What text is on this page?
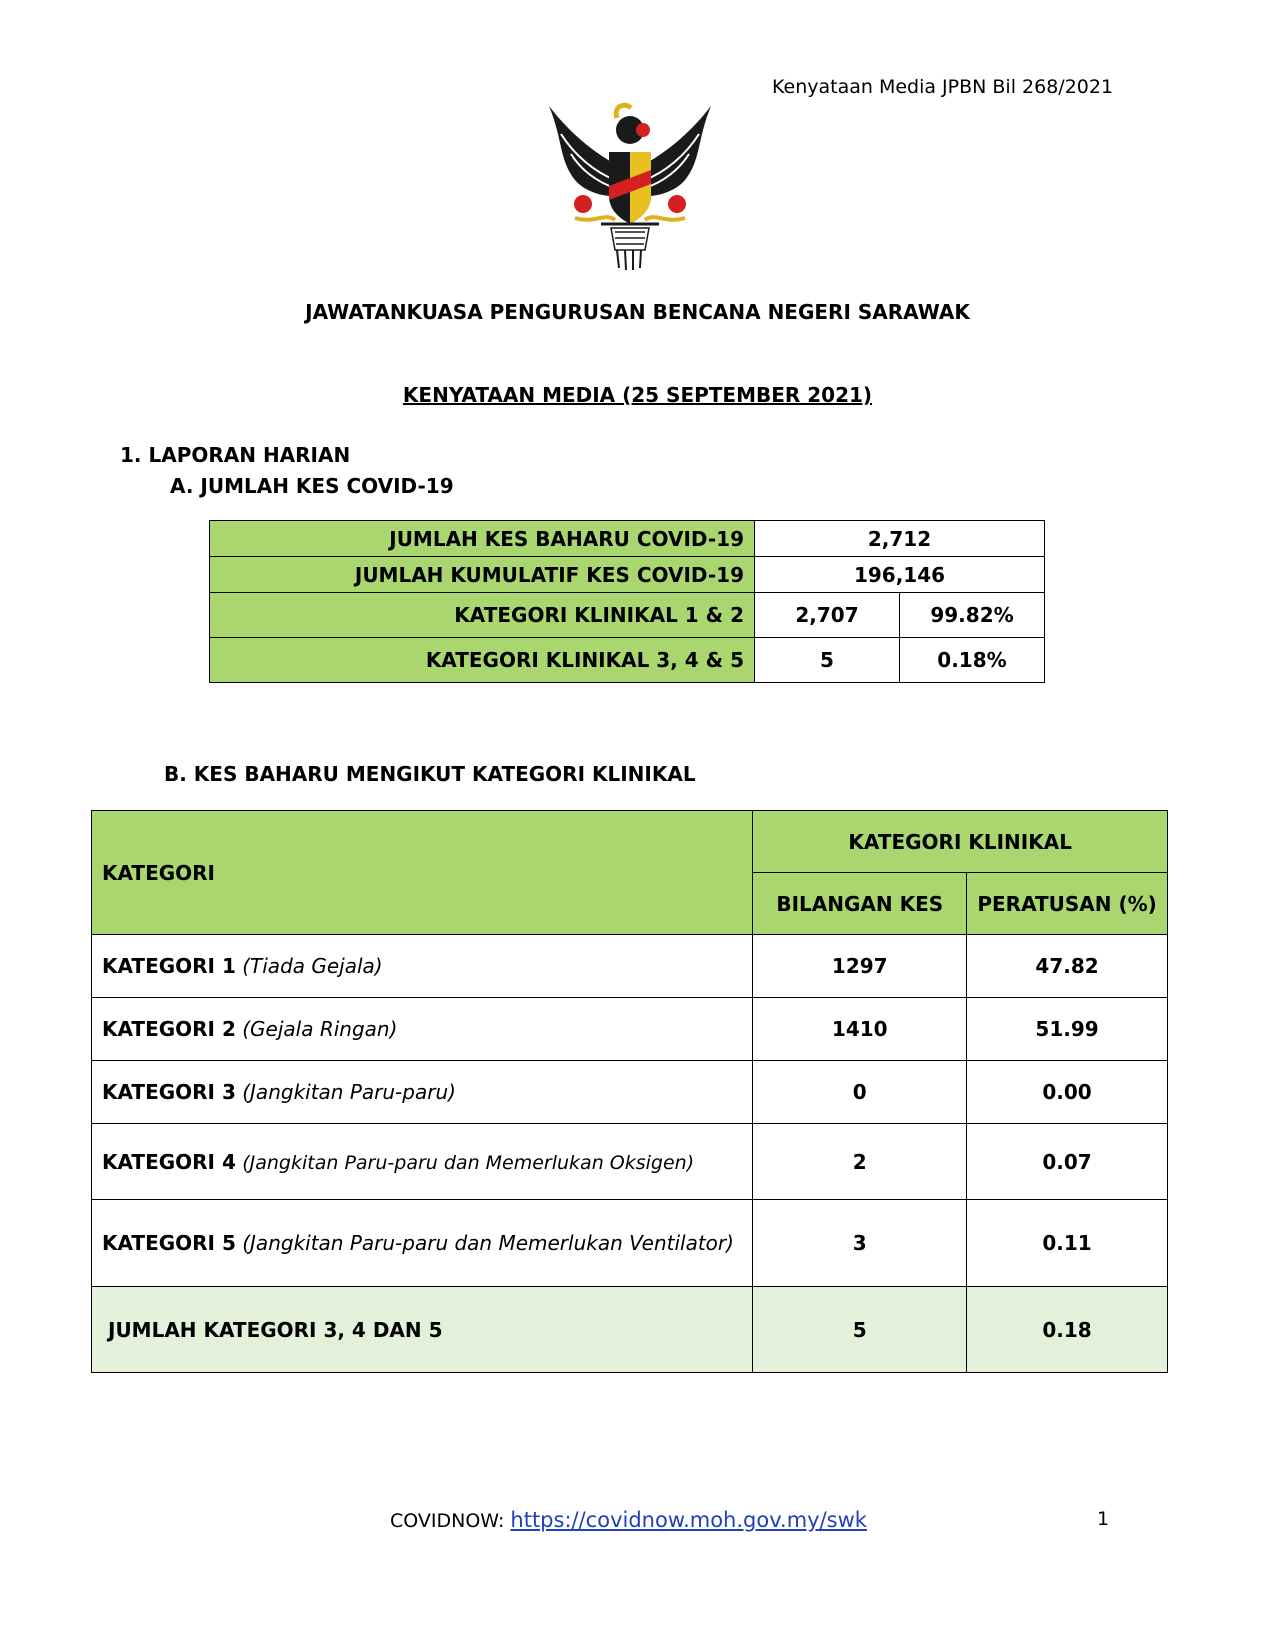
Kenyataan Media JPBN Bil 268/2021
JAWATANKUASA PENGURUSAN BENCANA NEGERI SARAWAK
KENYATAAN MEDIA (25 SEPTEMBER 2021)
1. LAPORAN HARIAN
A. JUMLAH KES COVID-19
JUMLAH KES BAHARU COVID-19	2,712	
JUMLAH KUMULATIF KES COVID-19	196,146	
KATEGORI KLINIKAL 1 & 2	2,707	99.82%
KATEGORI KLINIKAL 3, 4 & 5	5	0.18%
B. KES BAHARU MENGIKUT KATEGORI KLINIKAL
KATEGORI	KATEGORI KLINIKAL	
	BILANGAN KES	PERATUSAN (%)
KATEGORI 1 (Tiada Gejala)	1297	47.82
KATEGORI 2 (Gejala Ringan)	1410	51.99
KATEGORI 3 (Jangkitan Paru-paru)	0	0.00
KATEGORI 4 (Jangkitan Paru-paru dan Memerlukan Oksigen)	2	0.07
KATEGORI 5 (Jangkitan Paru-paru dan Memerlukan Ventilator)	3	0.11
JUMLAH KATEGORI 3, 4 DAN 5	5	0.18
COVIDNOW: https://covidnow.moh.gov.my/swk	1
